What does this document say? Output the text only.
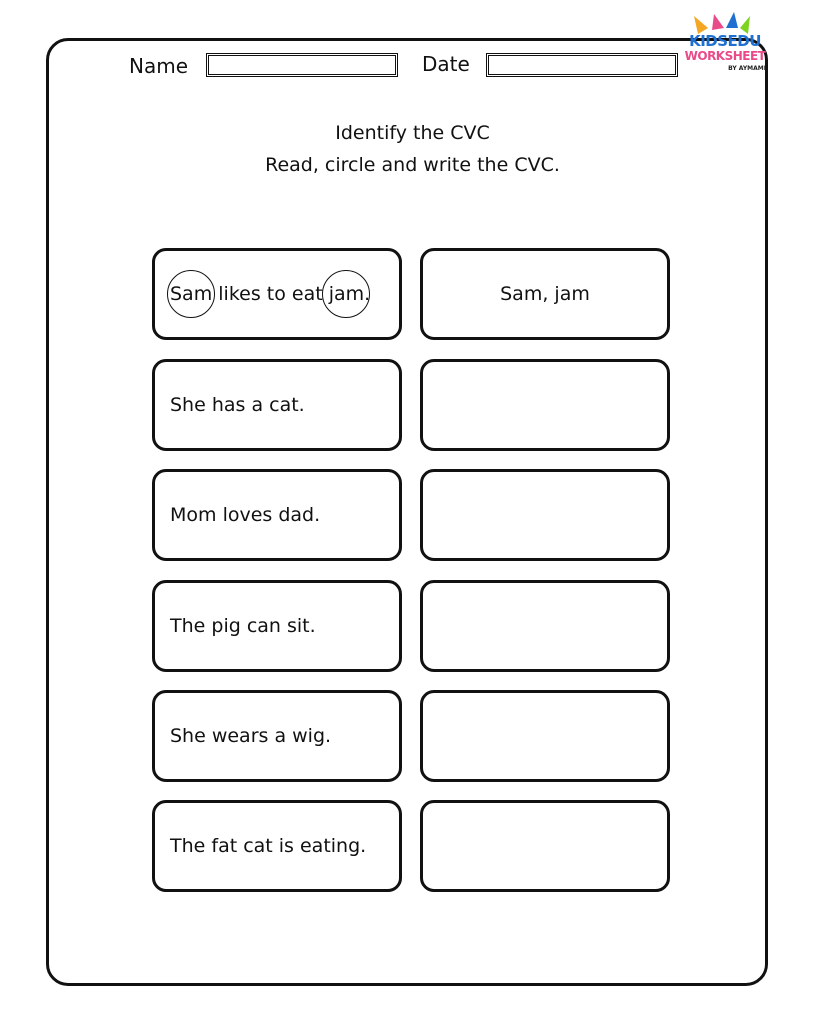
KIDSEDU
WORKSHEET
BY AYMAMI
Name	Date
Identify the CVC
Read, circle and write the CVC.
Sam likes to eat jam.	Sam, jam
She has a cat.
Mom loves dad.
The pig can sit.
She wears a wig.
The fat cat is eating.
